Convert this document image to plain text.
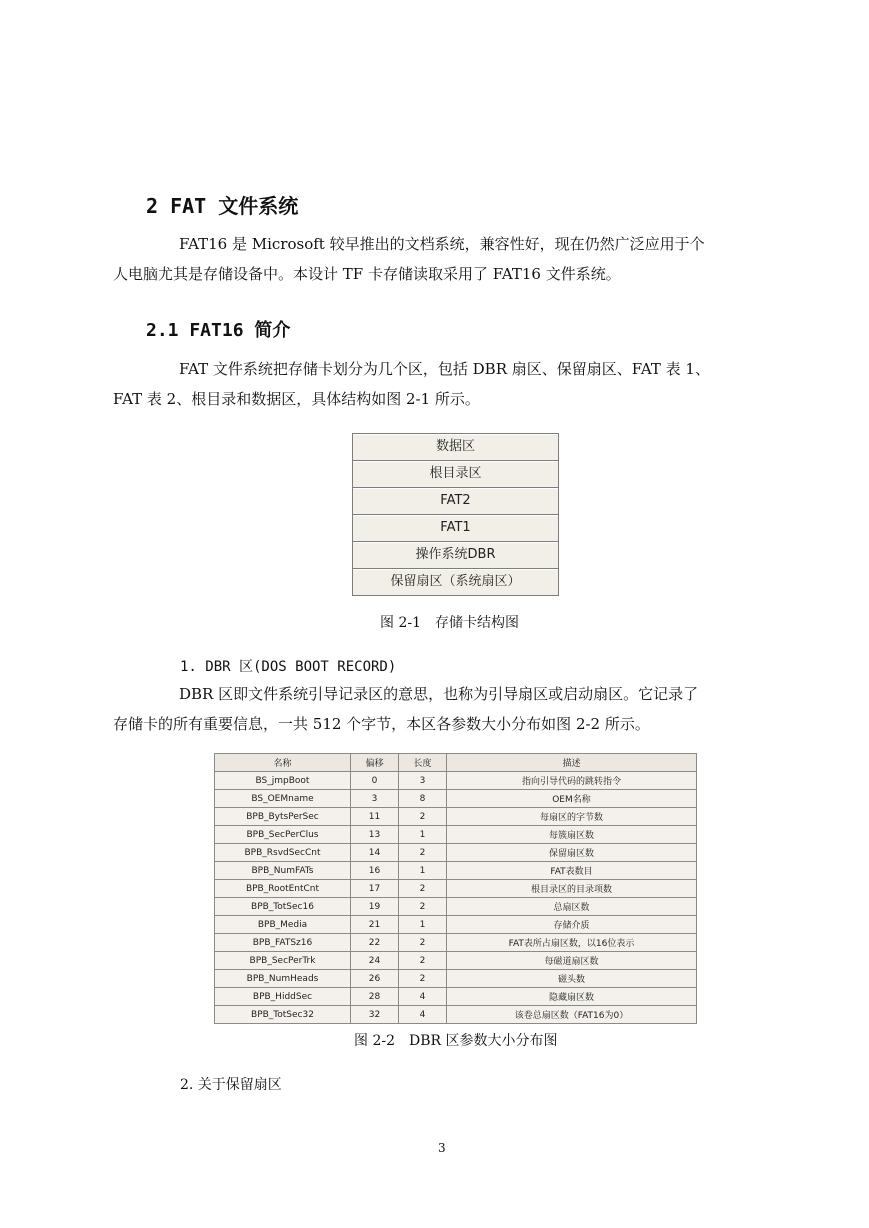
2 FAT 文件系统
FAT16 是 Microsoft 较早推出的文档系统，兼容性好，现在仍然广泛应用于个
人电脑尤其是存储设备中。本设计 TF 卡存储读取采用了 FAT16 文件系统。
2.1 FAT16 简介
FAT 文件系统把存储卡划分为几个区，包括 DBR 扇区、保留扇区、FAT 表 1、
FAT 表 2、根目录和数据区，具体结构如图 2-1 所示。
数据区
根目录区
FAT2
FAT1
操作系统DBR
保留扇区（系统扇区）
图 2-1　存储卡结构图
1. DBR 区(DOS BOOT RECORD)
DBR 区即文件系统引导记录区的意思，也称为引导扇区或启动扇区。它记录了
存储卡的所有重要信息，一共 512 个字节，本区各参数大小分布如图 2-2 所示。
名称	偏移	长度	描述
BS_jmpBoot	0	3	指向引导代码的跳转指令
BS_OEMname	3	8	OEM名称
BPB_BytsPerSec	11	2	每扇区的字节数
BPB_SecPerClus	13	1	每簇扇区数
BPB_RsvdSecCnt	14	2	保留扇区数
BPB_NumFATs	16	1	FAT表数目
BPB_RootEntCnt	17	2	根目录区的目录项数
BPB_TotSec16	19	2	总扇区数
BPB_Media	21	1	存储介质
BPB_FATSz16	22	2	FAT表所占扇区数，以16位表示
BPB_SecPerTrk	24	2	每磁道扇区数
BPB_NumHeads	26	2	磁头数
BPB_HiddSec	28	4	隐藏扇区数
BPB_TotSec32	32	4	该卷总扇区数（FAT16为0）
图 2-2　DBR 区参数大小分布图
2. 关于保留扇区
3
